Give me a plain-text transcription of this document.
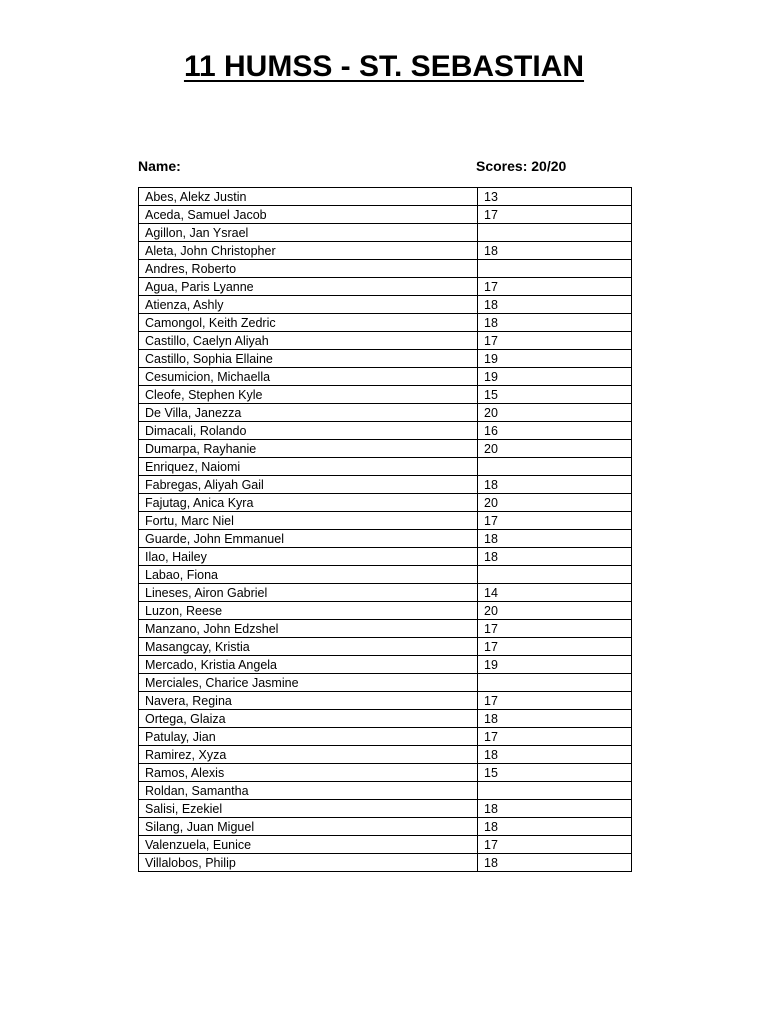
11 HUMSS - ST. SEBASTIAN
Name:	Scores: 20/20
Abes, Alekz Justin	13
Aceda, Samuel Jacob	17
Agillon, Jan Ysrael	
Aleta, John Christopher	18
Andres, Roberto	
Agua, Paris Lyanne	17
Atienza, Ashly	18
Camongol, Keith Zedric	18
Castillo, Caelyn Aliyah	17
Castillo, Sophia Ellaine	19
Cesumicion, Michaella	19
Cleofe, Stephen Kyle	15
De Villa, Janezza	20
Dimacali, Rolando	16
Dumarpa, Rayhanie	20
Enriquez, Naiomi	
Fabregas, Aliyah Gail	18
Fajutag, Anica Kyra	20
Fortu, Marc Niel	17
Guarde, John Emmanuel	18
Ilao, Hailey	18
Labao, Fiona	
Lineses, Airon Gabriel	14
Luzon, Reese	20
Manzano, John Edzshel	17
Masangcay, Kristia	17
Mercado, Kristia Angela	19
Merciales, Charice Jasmine	
Navera, Regina	17
Ortega, Glaiza	18
Patulay, Jian	17
Ramirez, Xyza	18
Ramos, Alexis	15
Roldan, Samantha	
Salisi, Ezekiel	18
Silang, Juan Miguel	18
Valenzuela, Eunice	17
Villalobos, Philip	18
